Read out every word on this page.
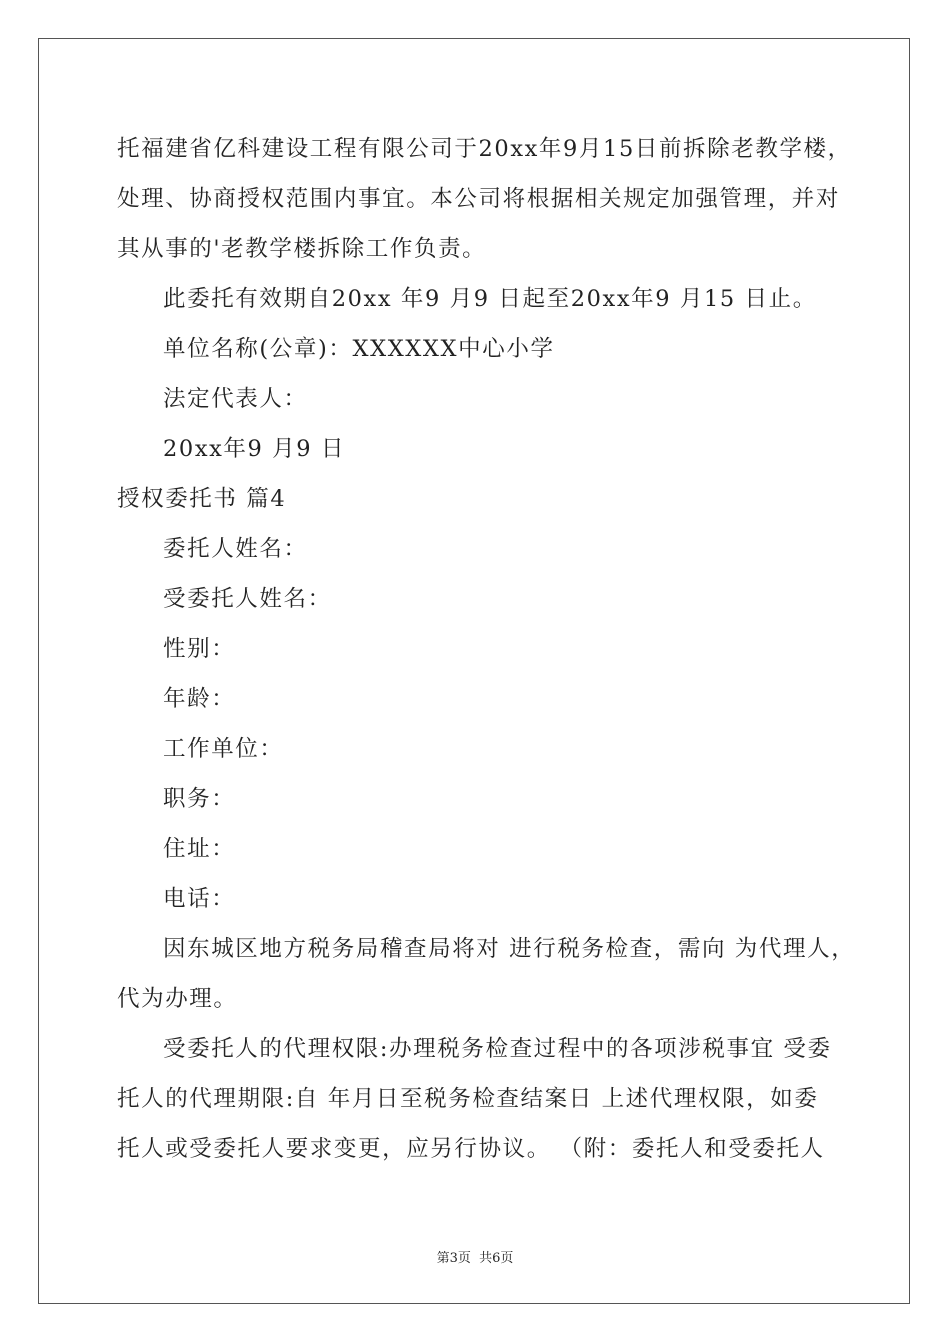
托福建省亿科建设工程有限公司于20xx年9月15日前拆除老教学楼，
处理、协商授权范围内事宜。本公司将根据相关规定加强管理，并对
其从事的'老教学楼拆除工作负责。
此委托有效期自20xx 年9 月9 日起至20xx年9 月15 日止。
单位名称(公章)：XXXXXX中心小学
法定代表人：
20xx年9 月9 日
授权委托书 篇4
委托人姓名：
受委托人姓名：
性别：
年龄：
工作单位：
职务：
住址：
电话：
因东城区地方税务局稽查局将对 进行税务检查，需向 为代理人，
代为办理。
受委托人的代理权限:办理税务检查过程中的各项涉税事宜 受委
托人的代理期限:自 年月日至税务检查结案日 上述代理权限，如委
托人或受委托人要求变更，应另行协议。 （附：委托人和受委托人
第3页  共6页
